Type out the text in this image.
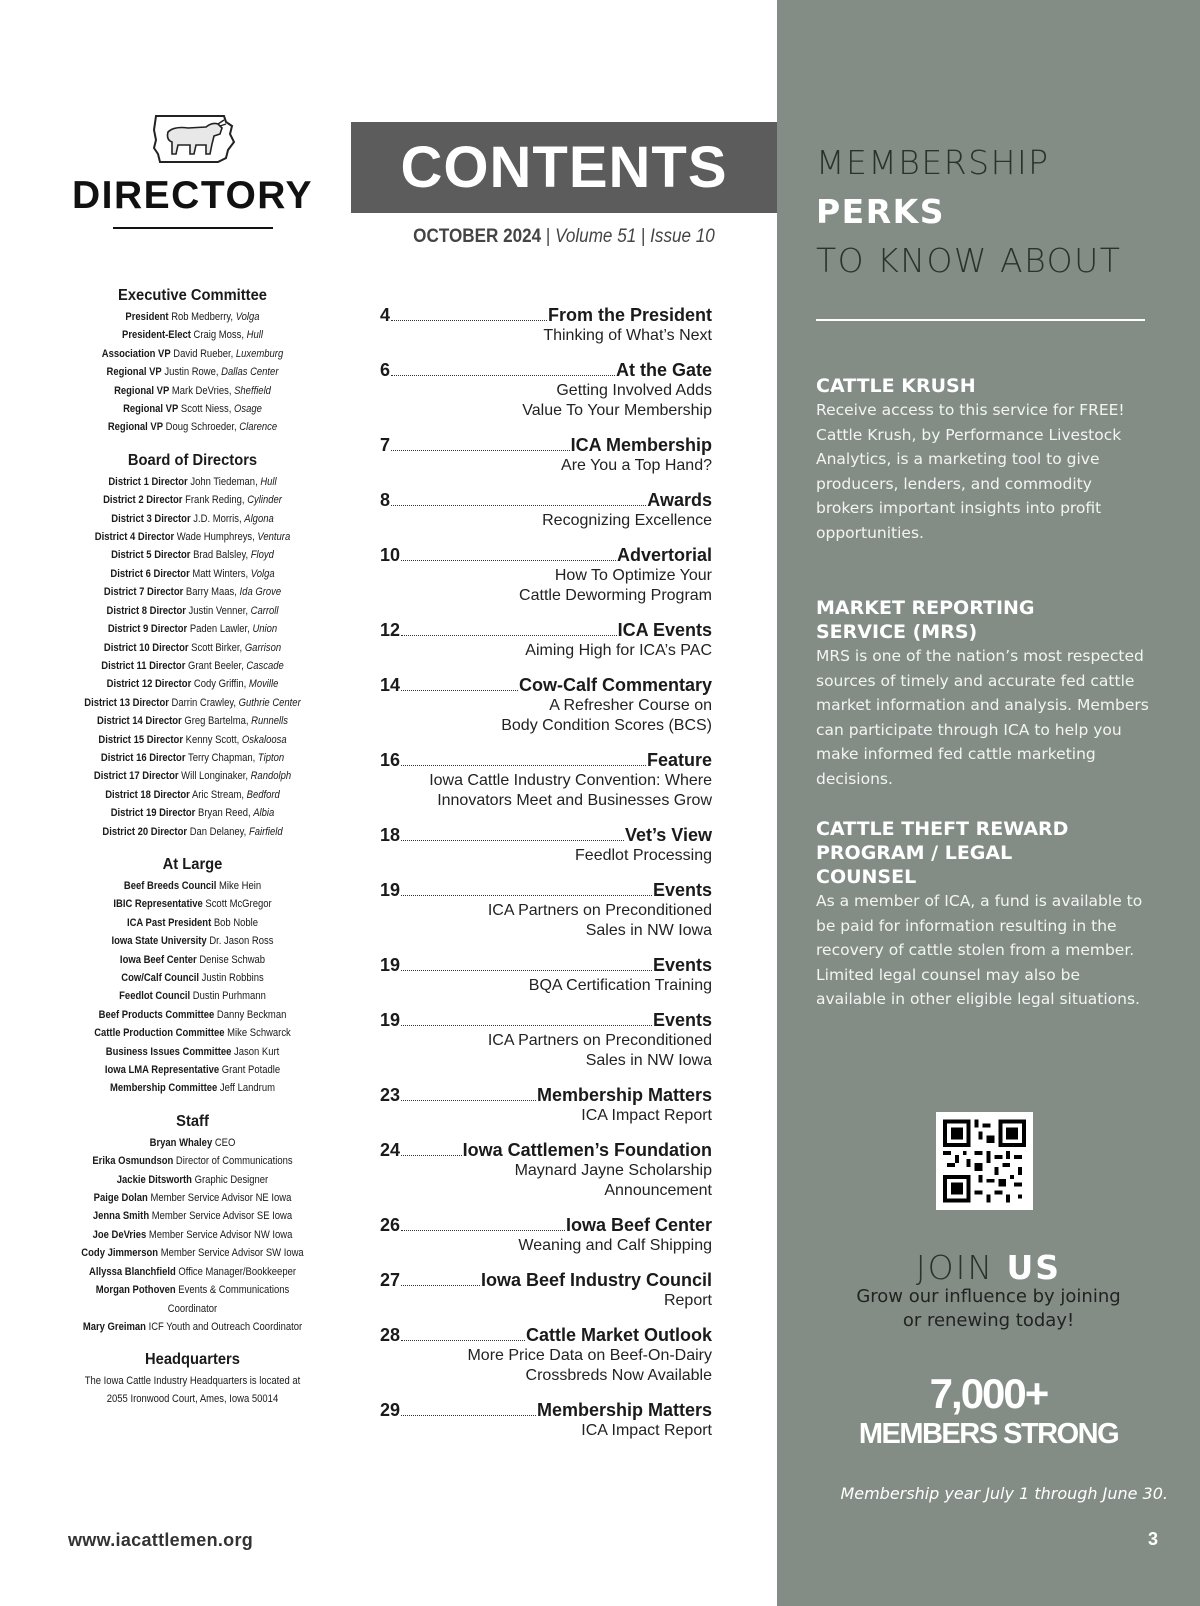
DIRECTORY
Executive Committee
President Rob Medberry, Volga
President-Elect Craig Moss, Hull
Association VP David Rueber, Luxemburg
Regional VP Justin Rowe, Dallas Center
Regional VP Mark DeVries, Sheffield
Regional VP Scott Niess, Osage
Regional VP Doug Schroeder, Clarence
Board of Directors
District 1 Director John Tiedeman, Hull
District 2 Director Frank Reding, Cylinder
District 3 Director J.D. Morris, Algona
District 4 Director Wade Humphreys, Ventura
District 5 Director Brad Balsley, Floyd
District 6 Director Matt Winters, Volga
District 7 Director Barry Maas, Ida Grove
District 8 Director Justin Venner, Carroll
District 9 Director Paden Lawler, Union
District 10 Director Scott Birker, Garrison
District 11 Director Grant Beeler, Cascade
District 12 Director Cody Griffin, Moville
District 13 Director Darrin Crawley, Guthrie Center
District 14 Director Greg Bartelma, Runnells
District 15 Director Kenny Scott, Oskaloosa
District 16 Director Terry Chapman, Tipton
District 17 Director Will Longinaker, Randolph
District 18 Director Aric Stream, Bedford
District 19 Director Bryan Reed, Albia
District 20 Director Dan Delaney, Fairfield
At Large
Beef Breeds Council Mike Hein
IBIC Representative Scott McGregor
ICA Past President Bob Noble
Iowa State University Dr. Jason Ross
Iowa Beef Center Denise Schwab
Cow/Calf Council Justin Robbins
Feedlot Council Dustin Purhmann
Beef Products Committee Danny Beckman
Cattle Production Committee Mike Schwarck
Business Issues Committee Jason Kurt
Iowa LMA Representative Grant Potadle
Membership Committee Jeff Landrum
Staff
Bryan Whaley CEO
Erika Osmundson Director of Communications
Jackie Ditsworth Graphic Designer
Paige Dolan Member Service Advisor NE Iowa
Jenna Smith Member Service Advisor SE Iowa
Joe DeVries Member Service Advisor NW Iowa
Cody Jimmerson Member Service Advisor SW Iowa
Allyssa Blanchfield Office Manager/Bookkeeper
Morgan Pothoven Events & Communications
Coordinator
Mary Greiman ICF Youth and Outreach Coordinator
Headquarters
The Iowa Cattle Industry Headquarters is located at
2055 Ironwood Court, Ames, Iowa 50014
CONTENTS
OCTOBER 2024 | Volume 51 | Issue 10
4	From the President
Thinking of What’s Next
6	At the Gate
Getting Involved Adds
Value To Your Membership
7	ICA Membership
Are You a Top Hand?
8	Awards
Recognizing Excellence
10	Advertorial
How To Optimize Your
Cattle Deworming Program
12	ICA Events
Aiming High for ICA’s PAC
14	Cow-Calf Commentary
A Refresher Course on
Body Condition Scores (BCS)
16	Feature
Iowa Cattle Industry Convention: Where
Innovators Meet and Businesses Grow
18	Vet’s View
Feedlot Processing
19	Events
ICA Partners on Preconditioned
Sales in NW Iowa
19	Events
BQA Certification Training
19	Events
ICA Partners on Preconditioned
Sales in NW Iowa
23	Membership Matters
ICA Impact Report
24	Iowa Cattlemen’s Foundation
Maynard Jayne Scholarship
Announcement
26	Iowa Beef Center
Weaning and Calf Shipping
27	Iowa Beef Industry Council
Report
28	Cattle Market Outlook
More Price Data on Beef-On-Dairy
Crossbreds Now Available
29	Membership Matters
ICA Impact Report
MEMBERSHIP
PERKS
TO KNOW ABOUT
CATTLE KRUSH

Receive access to this service for FREE! Cattle Krush, by Performance Livestock Analytics, is a marketing tool to give producers, lenders, and commodity brokers important insights into profit opportunities.

MARKET REPORTING
SERVICE (MRS)

MRS is one of the nation’s most respected sources of timely and accurate fed cattle market information and analysis. Members can participate through ICA to help you make informed fed cattle marketing decisions.

CATTLE THEFT REWARD
PROGRAM / LEGAL
COUNSEL

As a member of ICA, a fund is available to be paid for information resulting in the recovery of cattle stolen from a member. Limited legal counsel may also be available in other eligible legal situations.

JOIN US
Grow our influence by joining
or renewing today!
7,000+
MEMBERS STRONG
Membership year July 1 through June 30.
3
www.iacattlemen.org
